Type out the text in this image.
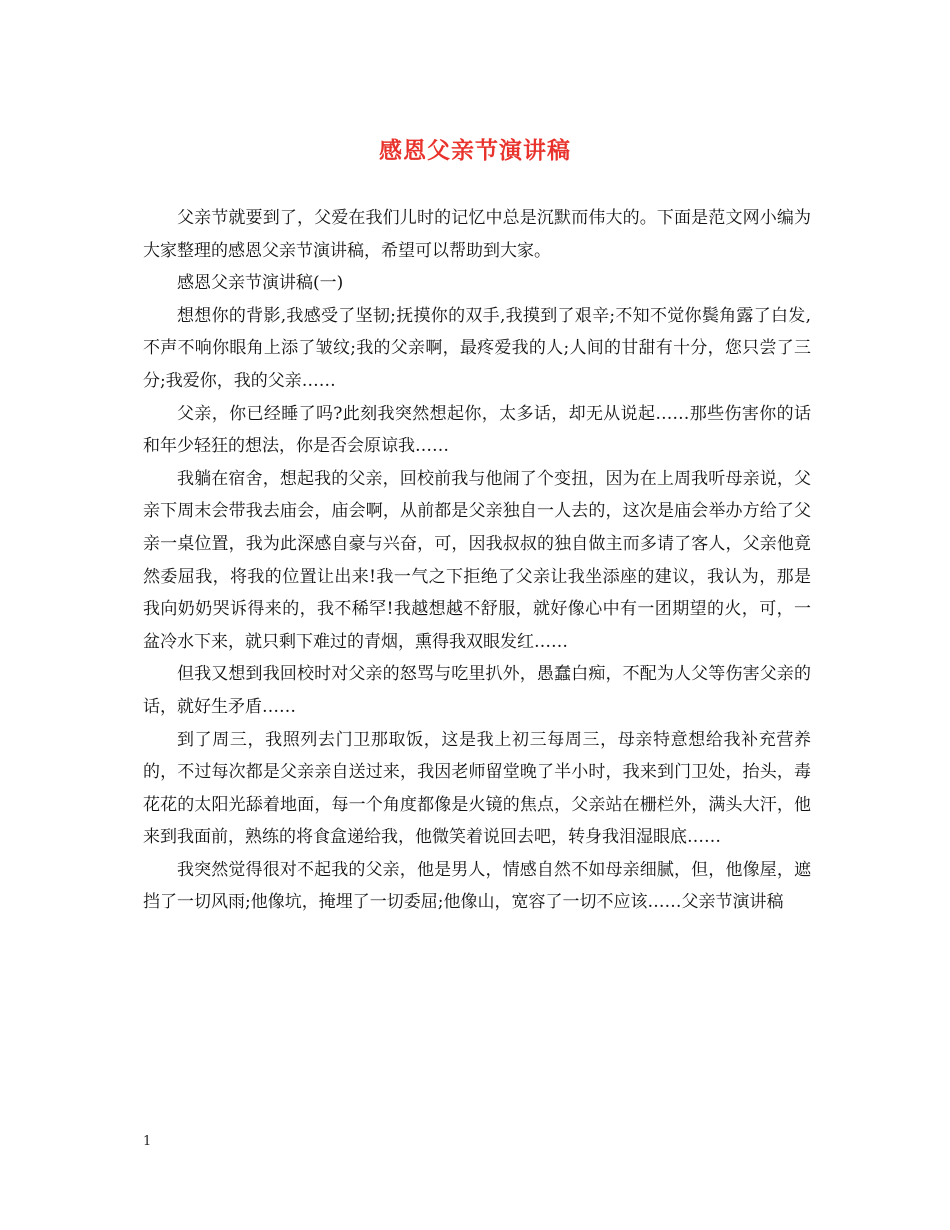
感恩父亲节演讲稿

父亲节就要到了，父爱在我们儿时的记忆中总是沉默而伟大的。下面是范文网小编为大家整理的感恩父亲节演讲稿，希望可以帮助到大家。

感恩父亲节演讲稿(一)

想想你的背影,我感受了坚韧;抚摸你的双手,我摸到了艰辛;不知不觉你鬓角露了白发,不声不响你眼角上添了皱纹;我的父亲啊，最疼爱我的人;人间的甘甜有十分，您只尝了三分;我爱你，我的父亲……

父亲，你已经睡了吗?此刻我突然想起你，太多话，却无从说起……那些伤害你的话和年少轻狂的想法，你是否会原谅我……

我躺在宿舍，想起我的父亲，回校前我与他闹了个变扭，因为在上周我听母亲说，父亲下周末会带我去庙会，庙会啊，从前都是父亲独自一人去的，这次是庙会举办方给了父亲一桌位置，我为此深感自豪与兴奋，可，因我叔叔的独自做主而多请了客人，父亲他竟然委屈我，将我的位置让出来!我一气之下拒绝了父亲让我坐添座的建议，我认为，那是我向奶奶哭诉得来的，我不稀罕!我越想越不舒服，就好像心中有一团期望的火，可，一盆冷水下来，就只剩下难过的青烟，熏得我双眼发红……

但我又想到我回校时对父亲的怒骂与吃里扒外，愚蠢白痴，不配为人父等伤害父亲的话，就好生矛盾……

到了周三，我照列去门卫那取饭，这是我上初三每周三，母亲特意想给我补充营养的，不过每次都是父亲亲自送过来，我因老师留堂晚了半小时，我来到门卫处，抬头，毒花花的太阳光舔着地面，每一个角度都像是火镜的焦点，父亲站在栅栏外，满头大汗，他来到我面前，熟练的将食盒递给我，他微笑着说回去吧，转身我泪湿眼底……

我突然觉得很对不起我的父亲，他是男人，情感自然不如母亲细腻，但，他像屋，遮挡了一切风雨;他像坑，掩埋了一切委屈;他像山，宽容了一切不应该……父亲节演讲稿

1
